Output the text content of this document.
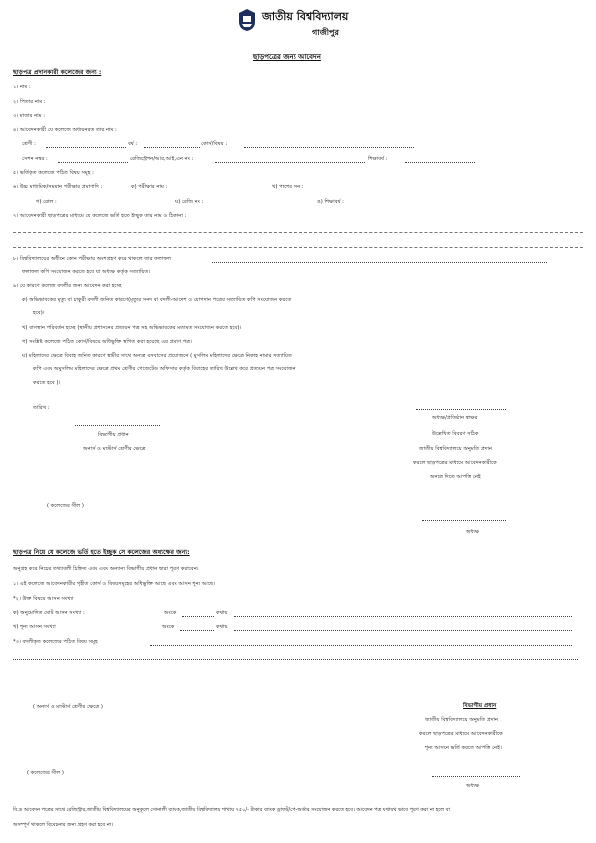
জাতীয় বিশ্ববিদ্যালয়
গাজীপুর
ছাড়পত্রের জন্য আবেদন
ছাড়পত্র প্রদানকারী কলেজের জন্য :
১। নাম :
২। পিতার নাম :
৩। মাতার নাম :
৪। আবেদনকারী যে কলেজে অধ্যয়নরত তার নাম :
শ্রেণী :	বর্ষ :	কোর্স/বিষয় :
সেশন নম্বর :	রেজিস্ট্রেশন/আর,আই,এন নং :	শিক্ষাবর্ষ :
৫। ভর্তিকৃত কলেজে পঠিত বিষয় সমূহ :
৬। উচ্চ মাধ্যমিক/সমমান পরীক্ষার প্রমাণাদি :	ক) পরীক্ষার নাম :	খ) পাশের সন :
গ) রোল :	ঘ) রেজি নং :	ঙ) শিক্ষাবর্ষ :
৭। আবেদনকারী ছাড়পত্রের মাধ্যমে যে কলেজে ভর্তি হতে ইচ্ছুক তার নাম ও ঠিকানা :
৮। বিশ্ববিদ্যালয়ের অধীনে কোন পরীক্ষায় অংশগ্রহণ করে থাকলে তার ফলাফল
ফলাফল কপি সংযোজন করতে হবে যা অধ্যক্ষ কর্তৃক সত্যায়িত।
৯। যে কারণে কলেজ বদলীর জন্য আবেদন করা হচ্ছে
ক) অভিভাবকের মৃত্যু বা চাকুরী বদলী জনিত কারণে(মৃত্যুর সনদ বা বদলী-আদেশ ও যোগদান পত্রের সত্যায়িত কপি সংযোজন করতে
হবে)।
খ) বাসস্থান পরিবর্তন হচ্ছে (স্থানীয় প্রশাসনের প্রত্যয়ন পত্র সহ অভিভাবকের মতামত সংযোজন করতে হবে)।
গ) সংশ্লিষ্ট কলেজে পঠিত কোর্স/বিষয়ে অধিভুক্তি স্থগিত করা হয়েছে এর প্রমাণ পত্র।
ঘ) মহিলাদের ক্ষেত্রে বিবাহ জনিত কারণে স্বামীর সাথে অন্যত্র বসবাসের প্রয়োজনে ( মুসলিম মহিলাদের ক্ষেত্রে নিকাহ নামার সত্যায়িত
কপি এবং অমুসলিম মহিলাদের ক্ষেত্রে প্রথম শ্রেণীর গেজেটেড অফিসার কর্তৃক বিবাহের তারিখ উল্লেখ করে প্রত্যয়ন পত্র সংযোজন
করতে হবে )।
তারিখ :
অধ্যক্ষ/প্রতিষ্ঠান স্বাক্ষর
বিভাগীয় প্রধান
অনার্স ও মাস্টার্স শ্রেণীর ক্ষেত্রে
উল্লেখিত বিবরণ সঠিক
জাতীয় বিশ্ববিদ্যালয়ে অনুমতি প্রদান
করলে ছাড়পত্রের মাধ্যমে আবেদনকারীকে
অন্যত্র দিতে আপত্তি নেই
( কলেজের সীল )
অধ্যক্ষ
ছাড়পত্র নিয়ে যে কলেজে ভর্তি হতে ইচ্ছুক সে কলেজের অধ্যক্ষের জন্য:
অনুগ্রহ করে নিচের তথ্যাবলী চিহ্নিত এবং এবং অন্যান্য বিভাগীয় প্রধান দ্বারা পূরণ করাবেন।
১। এই কলেজে আবেদনকারীর গৃহীত কোর্স ও বিষয়সমূহের অধিভুক্তি আছে এবং আসন শূন্য আছে।
*২। উক্ত বিষয়ে আসন সংখ্যা
ক) অনুমোদিত মোট আসন সংখ্যা :	অংকে	কথায়
খ) শূন্য আসন সংখ্যা	অংকে	কথায়
*৩। বদলীকৃত কলেজের পঠিত বিষয় সমূহ
( অনার্স ও মাস্টার্স শ্রেণীর ক্ষেত্রে )	বিভাগীয় প্রধান
জাতীয় বিশ্ববিদ্যালয়ে অনুমতি প্রদান
করলে ছাড়পত্রের মাধ্যমে আবেদনকারীকে
শূন্য আসনে ভর্তি করতে আপত্তি নেই।
( কলেজের সীল )
অধ্যক্ষ
বি.দ্র আবেদন পত্রের সাথে রেজিস্ট্রার,জাতীয় বিশ্ববিদ্যালয়ের অনুকূলে সোনালী ব্যাংক,জাতীয় বিশ্ববিদ্যালয় শাখায় ৭৫০/- টাকার ব্যাংক ড্রাফট/পে-অর্ডার সংযোজন করতে হবে। আবেদন পত্র যথাযথ ভাবে পূরণ করা না হলে বা
অসম্পূর্ণ থাকলে বিবেচনার জন্য গ্রহণ করা হবে না।
